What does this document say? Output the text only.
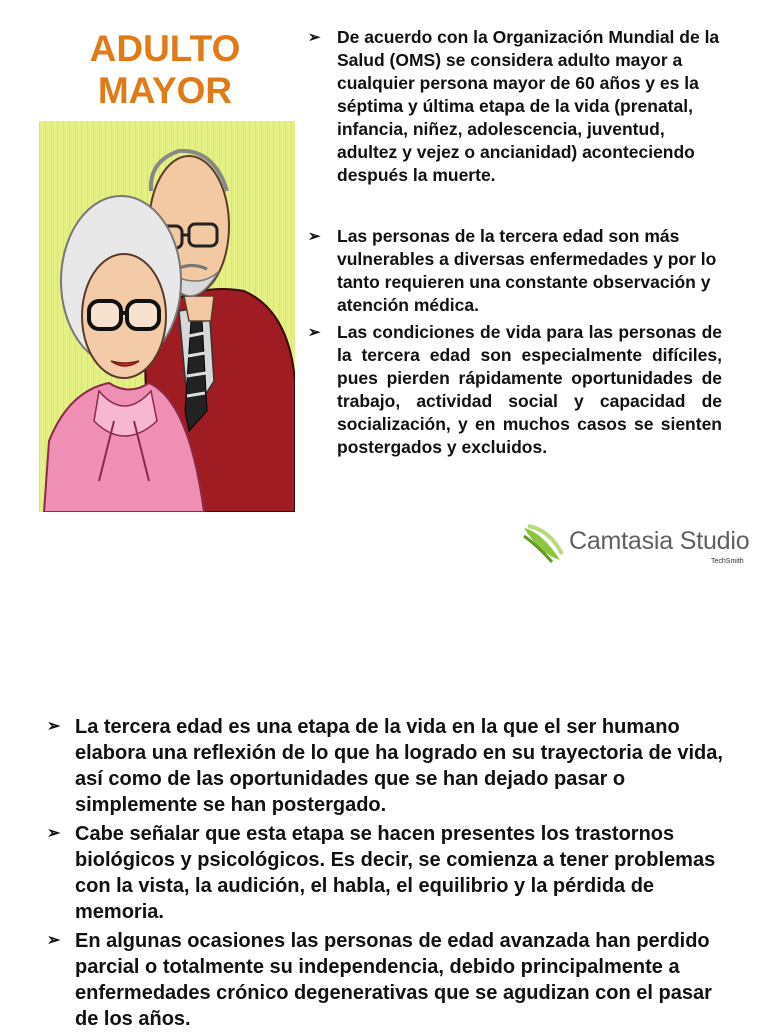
ADULTO
MAYOR
➢ De acuerdo con la Organización Mundial de la Salud (OMS) se considera adulto mayor a cualquier persona mayor de 60 años y es la séptima y última etapa de la vida (prenatal, infancia, niñez, adolescencia, juventud, adultez y vejez o ancianidad) aconteciendo después la muerte.
➢ Las personas de la tercera edad son más vulnerables a diversas enfermedades y por lo tanto requieren una constante observación y atención médica.
➢ Las condiciones de vida para las personas de la tercera edad son especialmente difíciles, pues pierden rápidamente oportunidades de trabajo, actividad social y capacidad de socialización, y en muchos casos se sienten postergados y excluidos.
Camtasia Studio
TechSmith
➢ La tercera edad es una etapa de la vida en la que el ser humano elabora una reflexión de lo que ha logrado en su trayectoria de vida, así como de las oportunidades que se han dejado pasar o simplemente se han postergado.
➢ Cabe señalar que esta etapa se hacen presentes los trastornos biológicos y psicológicos. Es decir, se comienza a tener problemas con la vista, la audición, el habla, el equilibrio y la pérdida de memoria.
➢ En algunas ocasiones las personas de edad avanzada han perdido parcial o totalmente su independencia, debido principalmente a enfermedades crónico degenerativas que se agudizan con el pasar de los años.
